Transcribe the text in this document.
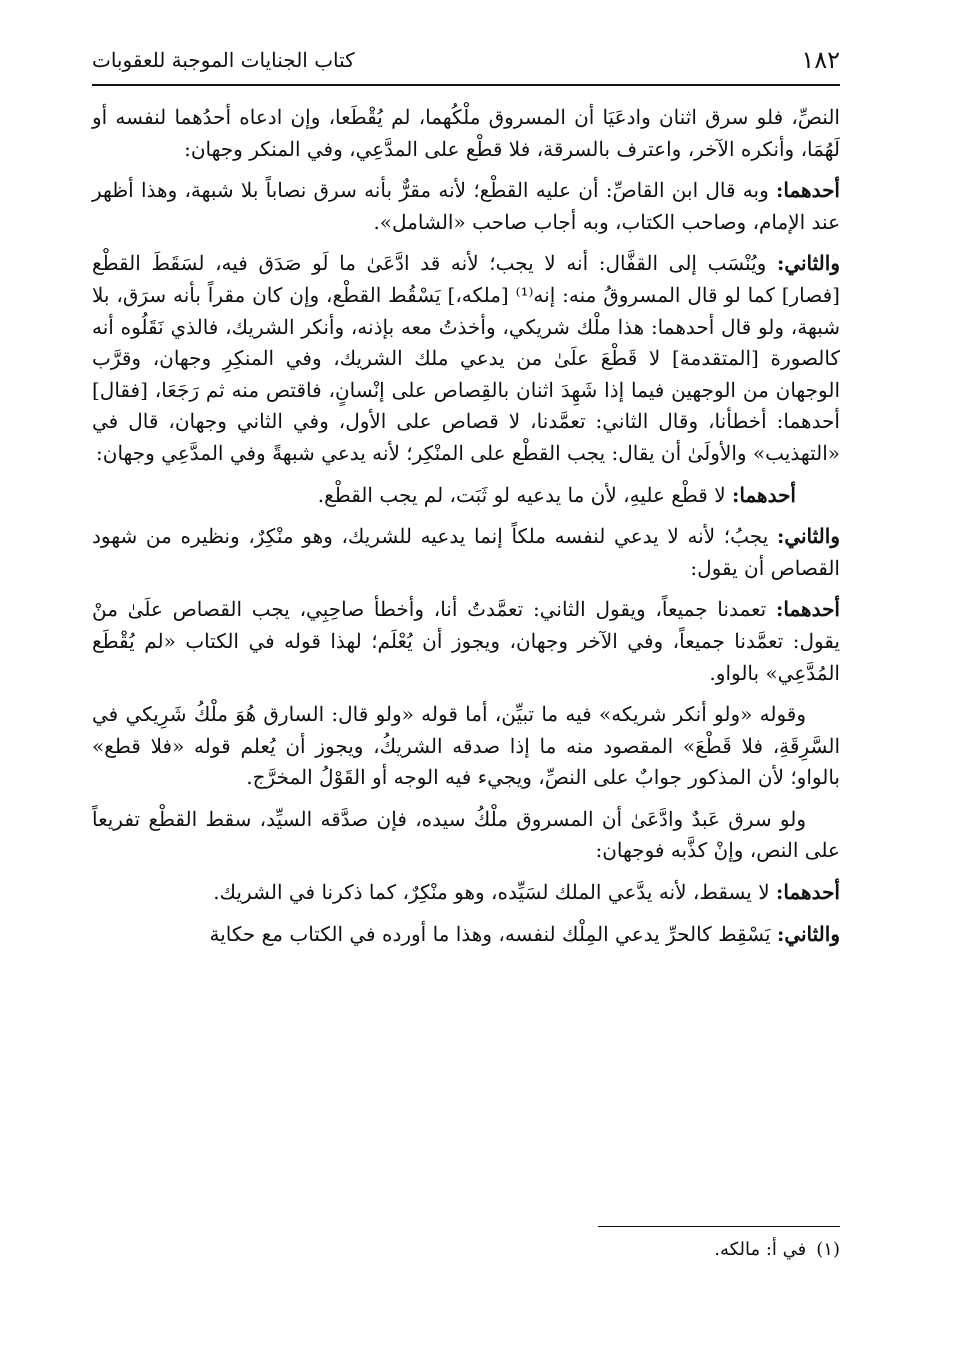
١٨٢
كتاب الجنايات الموجبة للعقوبات

النصِّ، فلو سرق اثنان وادعَيَا أن المسروق ملْكُهما، لم يُقْطَعا، وإن ادعاه أحدُهما لنفسه أو لَهُمَا، وأنكره الآخر، واعترف بالسرقة، فلا قطْع على المدَّعِي، وفي المنكر وجهان:

أحدهما: وبه قال ابن القاصِّ: أن عليه القطْع؛ لأنه مقرٌّ بأنه سرق نصاباً بلا شبهة، وهذا أظهر عند الإمام، وصاحب الكتاب، وبه أجاب صاحب «الشامل».

والثاني: ويُنْسَب إلى القفَّال: أنه لا يجب؛ لأنه قد ادَّعَىٰ ما لَو صَدَق فيه، لسَقَطَ القطْع [فصار] كما لو قال المسروقُ منه: إنه⁽¹⁾ [ملكه،] يَسْقُط القطْع، وإن كان مقراً بأنه سرَق، بلا شبهة، ولو قال أحدهما: هذا ملْك شريكي، وأخذتُ معه بإذنه، وأنكر الشريك، فالذي نَقَلُوه أنه كالصورة [المتقدمة] لا قَطْعَ علَىٰ من يدعي ملك الشريك، وفي المنكِرِ وجهان، وقرَّب الوجهان من الوجهين فيما إذا شَهِدَ اثنان بالقِصاص على إنْسانٍ، فاقتص منه ثم رَجَعَا، [فقال] أحدهما: أخطأنا، وقال الثاني: تعمَّدنا، لا قصاص على الأول، وفي الثاني وجهان، قال في «التهذيب» والأولَىٰ أن يقال: يجب القطْع على المنْكِر؛ لأنه يدعي شبهةً وفي المدَّعِي وجهان:

أحدهما: لا قطْع عليهِ، لأن ما يدعيه لو ثَبَت، لم يجب القطْع.

والثاني: يجبُ؛ لأنه لا يدعي لنفسه ملكاً إنما يدعيه للشريك، وهو منْكِرٌ، ونظيره من شهود القصاص أن يقول:

أحدهما: تعمدنا جميعاً، ويقول الثاني: تعمَّدتُ أنا، وأخطأ صاحِبِي، يجب القصاص علَىٰ منْ يقول: تعمَّدنا جميعاً، وفي الآخر وجهان، ويجوز أن يُعْلَم؛ لهذا قوله في الكتاب «لم يُقْطَع المُدَّعِي» بالواو.

وقوله «ولو أنكر شريكه» فيه ما تبيِّن، أما قوله «ولو قال: السارق هُوَ ملْكُ شَرِيكي في السَّرِقَةِ، فلا قَطْعَ» المقصود منه ما إذا صدقه الشريكُ، ويجوز أن يُعلم قوله «فلا قطع» بالواو؛ لأن المذكور جوابٌ على النصِّ، ويجيء فيه الوجه أو القَوْلُ المخرَّج.

ولو سرق عَبدٌ وادَّعَىٰ أن المسروق ملْكُ سيده، فإن صدَّقه السيِّد، سقط القطْع تفريعاً على النص، وإنْ كذَّبه فوجهان:

أحدهما: لا يسقط، لأنه يدَّعي الملك لسَيِّده، وهو منْكِرٌ، كما ذكرنا في الشريك.

والثاني: يَسْقِط كالحرِّ يدعي المِلْك لنفسه، وهذا ما أورده في الكتاب مع حكاية

(١)في أ: مالكه.
